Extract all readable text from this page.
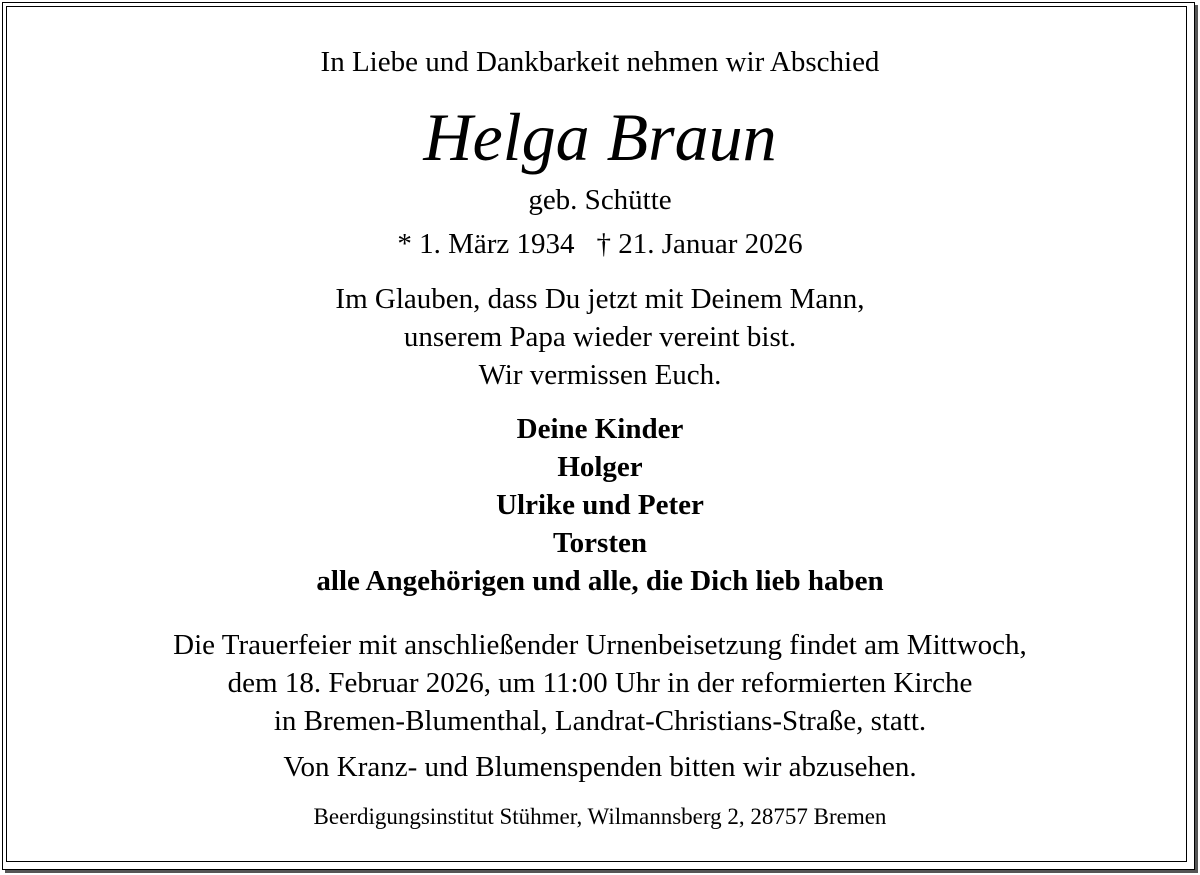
In Liebe und Dankbarkeit nehmen wir Abschied
Helga Braun
geb. Schütte
* 1. März 1934 † 21. Januar 2026
Im Glauben, dass Du jetzt mit Deinem Mann,
unserem Papa wieder vereint bist.
Wir vermissen Euch.
Deine Kinder
Holger
Ulrike und Peter
Torsten
alle Angehörigen und alle, die Dich lieb haben
Die Trauerfeier mit anschließender Urnenbeisetzung findet am Mittwoch,
dem 18. Februar 2026, um 11:00 Uhr in der reformierten Kirche
in Bremen-Blumenthal, Landrat-Christians-Straße, statt.
Von Kranz- und Blumenspenden bitten wir abzusehen.
Beerdigungsinstitut Stühmer, Wilmannsberg 2, 28757 Bremen
